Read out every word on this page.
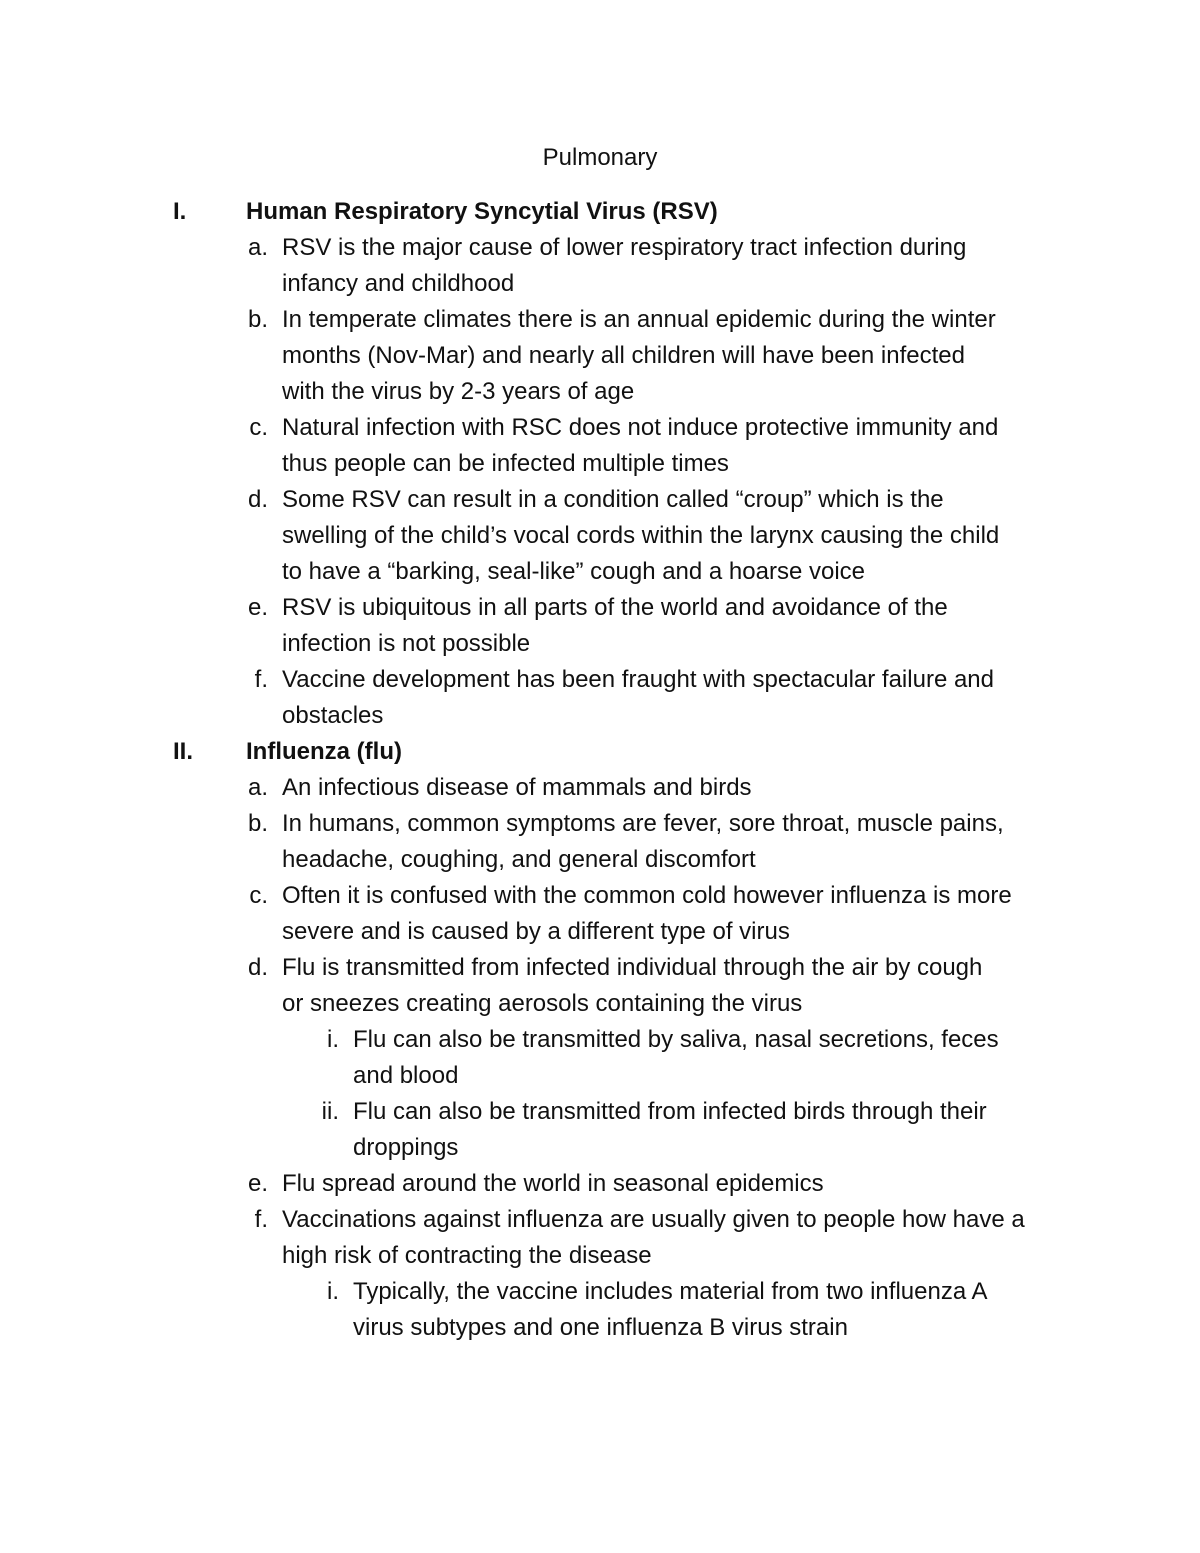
Pulmonary
I. Human Respiratory Syncytial Virus (RSV)
a. RSV is the major cause of lower respiratory tract infection during
infancy and childhood
b. In temperate climates there is an annual epidemic during the winter
months (Nov-Mar) and nearly all children will have been infected
with the virus by 2-3 years of age
c. Natural infection with RSC does not induce protective immunity and
thus people can be infected multiple times
d. Some RSV can result in a condition called “croup” which is the
swelling of the child’s vocal cords within the larynx causing the child
to have a “barking, seal-like” cough and a hoarse voice
e. RSV is ubiquitous in all parts of the world and avoidance of the
infection is not possible
f. Vaccine development has been fraught with spectacular failure and
obstacles
II. Influenza (flu)
a. An infectious disease of mammals and birds
b. In humans, common symptoms are fever, sore throat, muscle pains,
headache, coughing, and general discomfort
c. Often it is confused with the common cold however influenza is more
severe and is caused by a different type of virus
d. Flu is transmitted from infected individual through the air by cough
or sneezes creating aerosols containing the virus
i. Flu can also be transmitted by saliva, nasal secretions, feces
and blood
ii. Flu can also be transmitted from infected birds through their
droppings
e. Flu spread around the world in seasonal epidemics
f. Vaccinations against influenza are usually given to people how have a
high risk of contracting the disease
i. Typically, the vaccine includes material from two influenza A
virus subtypes and one influenza B virus strain
